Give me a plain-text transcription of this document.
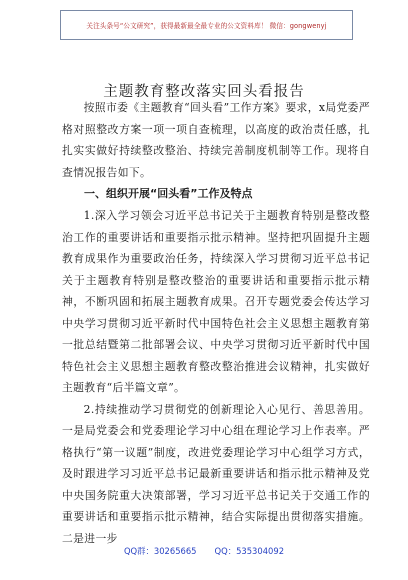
关注头条号“公文研究”，获得最新最全最专业的公文资料库！ 微信：gongwenyj
主题教育整改落实回头看报告

按照市委《主题教育“回头看”工作方案》要求，x局党委严格对照整改方案一项一项自查梳理，以高度的政治责任感，扎扎实实做好持续整改整治、持续完善制度机制等工作。现将自查情况报告如下。

一、组织开展“回头看”工作及特点

1.深入学习领会习近平总书记关于主题教育特别是整改整治工作的重要讲话和重要指示批示精神。坚持把巩固提升主题教育成果作为重要政治任务，持续深入学习贯彻习近平总书记关于主题教育特别是整改整治的重要讲话和重要指示批示精神，不断巩固和拓展主题教育成果。召开专题党委会传达学习中央学习贯彻习近平新时代中国特色社会主义思想主题教育第一批总结暨第二批部署会议、中央学习贯彻习近平新时代中国特色社会主义思想主题教育整改整治推进会议精神，扎实做好主题教育“后半篇文章”。

2.持续推动学习贯彻党的创新理论入心见行、善思善用。一是局党委会和党委理论学习中心组在理论学习上作表率。严格执行“第一议题”制度，改进党委理论学习中心组学习方式，及时跟进学习习近平总书记最新重要讲话和指示批示精神及党中央国务院重大决策部署，学习习近平总书记关于交通工作的重要讲话和重要指示批示精神，结合实际提出贯彻落实措施。二是进一步

QQ群：30265665 QQ：535304092
